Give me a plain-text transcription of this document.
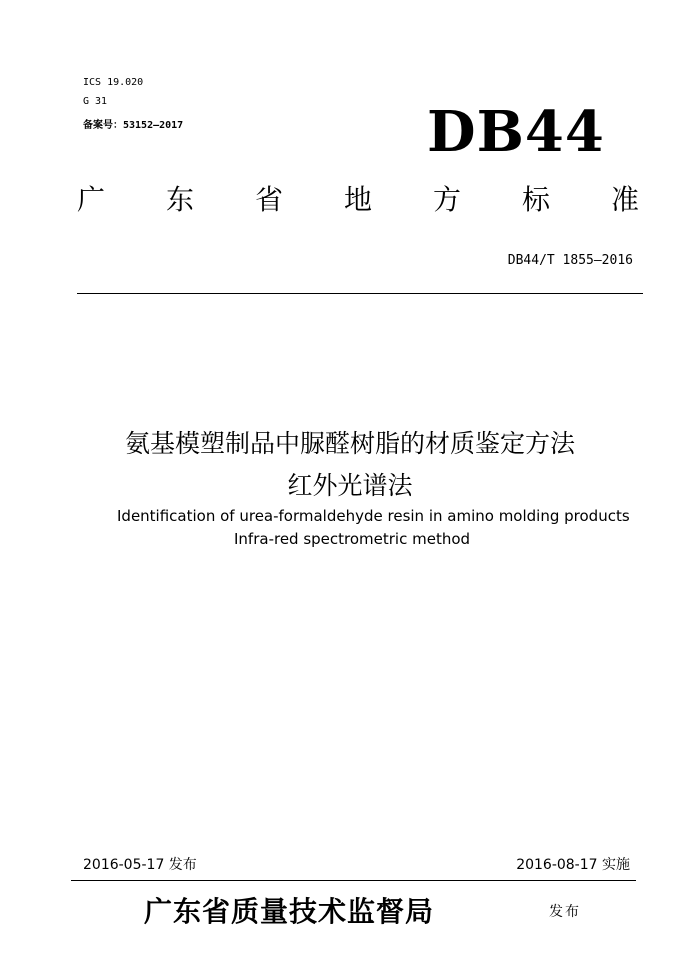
ICS 19.020
G 31
备案号：53152—2017	DB44
广 东 省 地 方 标 准
DB44/T 1855—2016
氨基模塑制品中脲醛树脂的材质鉴定方法
红外光谱法
Identification of urea-formaldehyde resin in amino molding products
Infra-red spectrometric method
2016-05-17 发布	2016-08-17 实施
广东省质量技术监督局	发布
